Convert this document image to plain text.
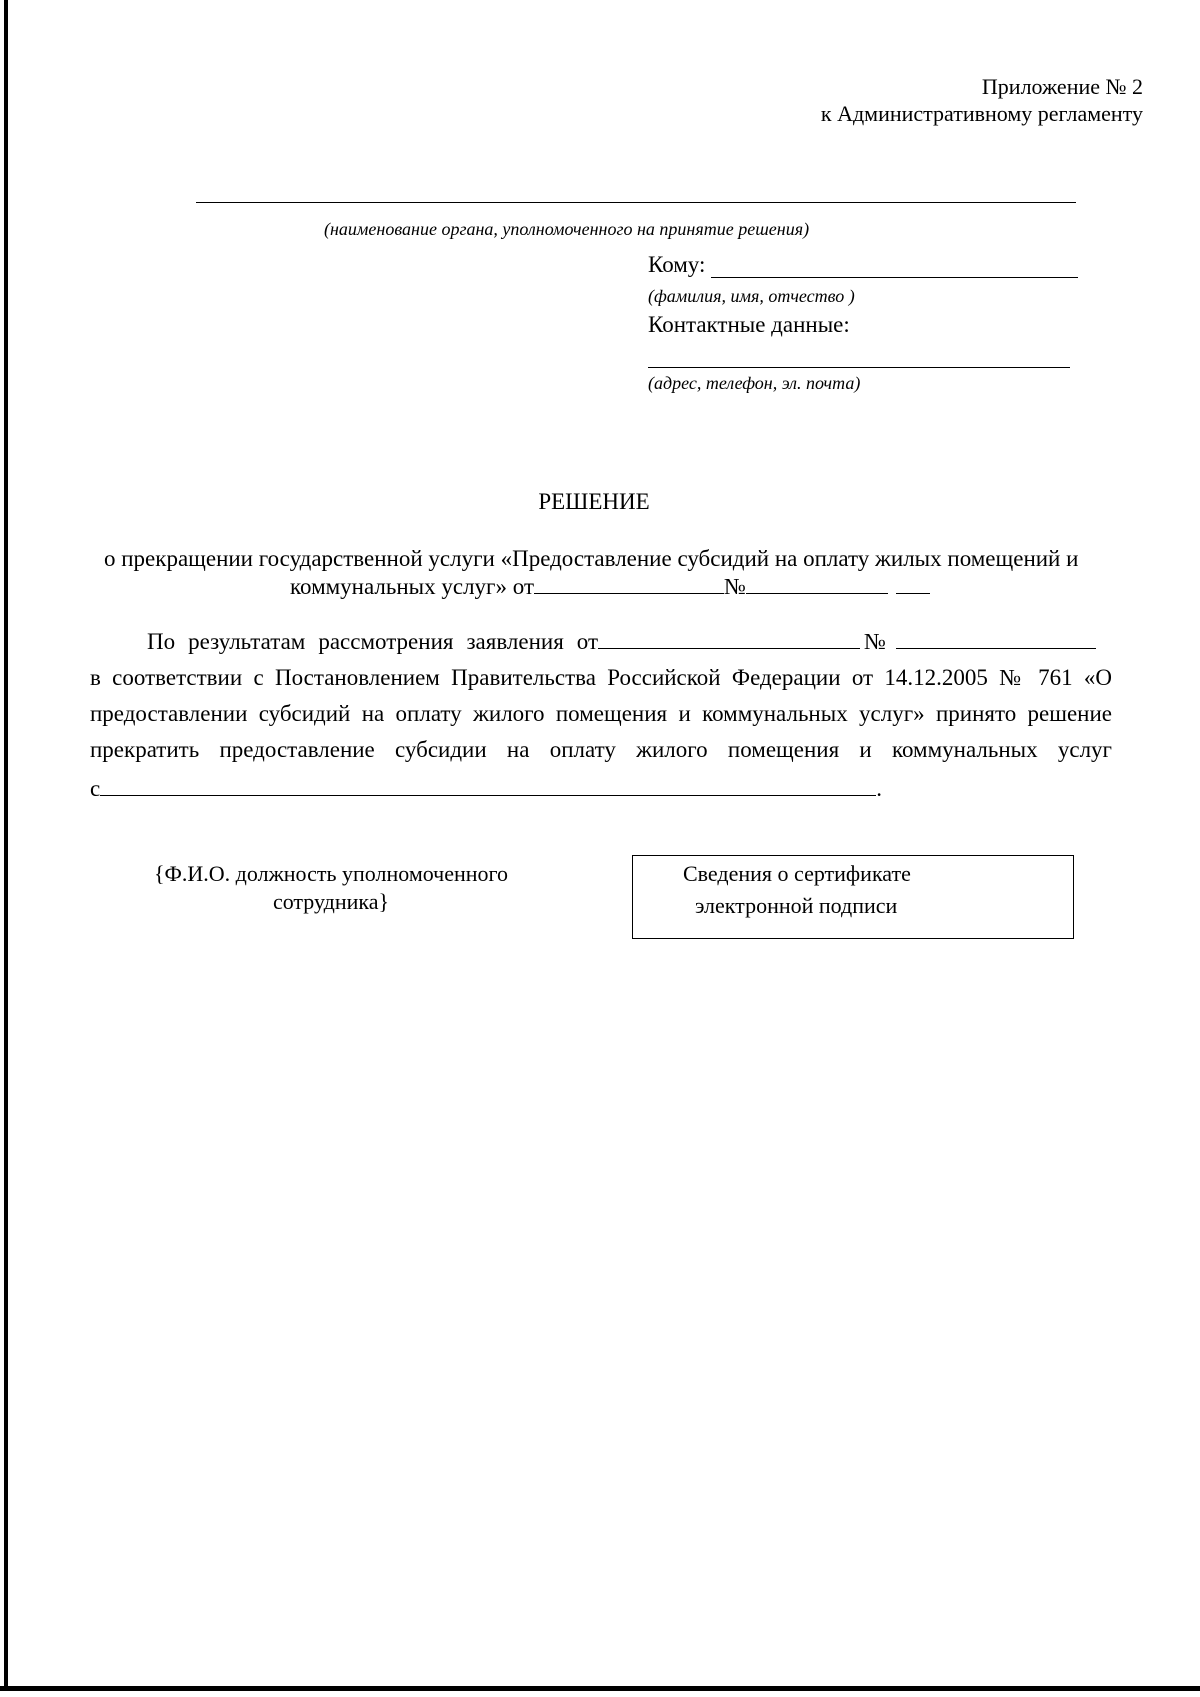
Приложение № 2
к Административному регламенту
(наименование органа, уполномоченного на принятие решения)
Кому:
(фамилия, имя, отчество )
Контактные данные:
(адрес, телефон, эл. почта)
РЕШЕНИЕ
о прекращении государственной услуги «Предоставление субсидий на оплату жилых помещений и
коммунальных услуг» от	№
По результатам рассмотрения заявления от	№
в соответствии с Постановлением Правительства Российской Федерации от 14.12.2005 № 761 «О
предоставлении субсидий на оплату жилого помещения и коммунальных услуг» принято решение
прекратить предоставление субсидии на оплату жилого помещения и коммунальных услуг
с	.
{Ф.И.О. должность уполномоченного
сотрудника}
Сведения о сертификате
электронной подписи
